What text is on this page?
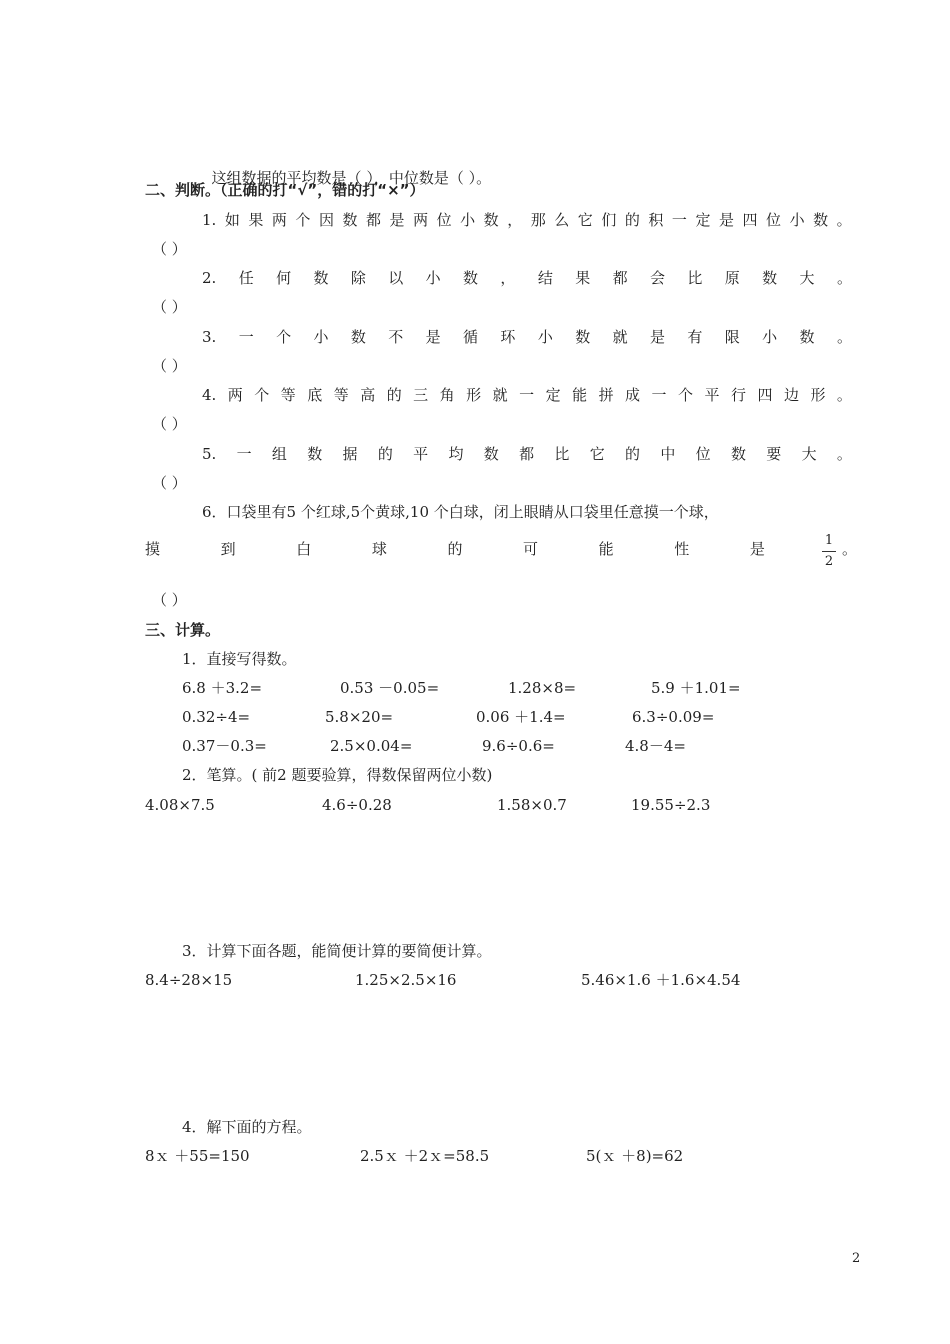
这组数据的平均数是（ ），中位数是（ ）。

二、判断。（正确的打“√”，错的打“×”）
1. 如 果 两 个 因 数 都 是 两 位 小 数 ， 那 么 它 们 的 积 一 定 是 四 位 小 数 。
（ ）
2. 任 何 数 除 以 小 数 ， 结 果 都 会 比 原 数 大 。
（ ）
3. 一 个 小 数 不 是 循 环 小 数 就 是 有 限 小 数 。
（ ）
4. 两 个 等 底 等 高 的 三 角 形 就 一 定 能 拼 成 一 个 平 行 四 边 形 。
（ ）
5. 一 组 数 据 的 平 均 数 都 比 它 的 中 位 数 要 大 。
（ ）
6．口袋里有5 个红球,5个黄球,10 个白球，闭上眼睛从口袋里任意摸一个球，
摸	到	白	球	的	可	能	性	是	1
2
。
（ ）
三、计算。
1．直接写得数。
6.8 ＋3.2=	0.53 －0.05=	1.28×8=	5.9 ＋1.01=
0.32÷4=	5.8×20=	0.06 ＋1.4=	6.3÷0.09=
0.37－0.3=	2.5×0.04=	9.6÷0.6=	4.8－4=
2．笔算。( 前2 题要验算，得数保留两位小数)
4.08×7.5	4.6÷0.28	1.58×0.7	19.55÷2.3
3．计算下面各题，能简便计算的要简便计算。
8.4÷28×15	1.25×2.5×16	5.46×1.6 ＋1.6×4.54
4．解下面的方程。
8ｘ ＋55=150	2.5ｘ ＋2ｘ=58.5	5(ｘ ＋8)=62
2
